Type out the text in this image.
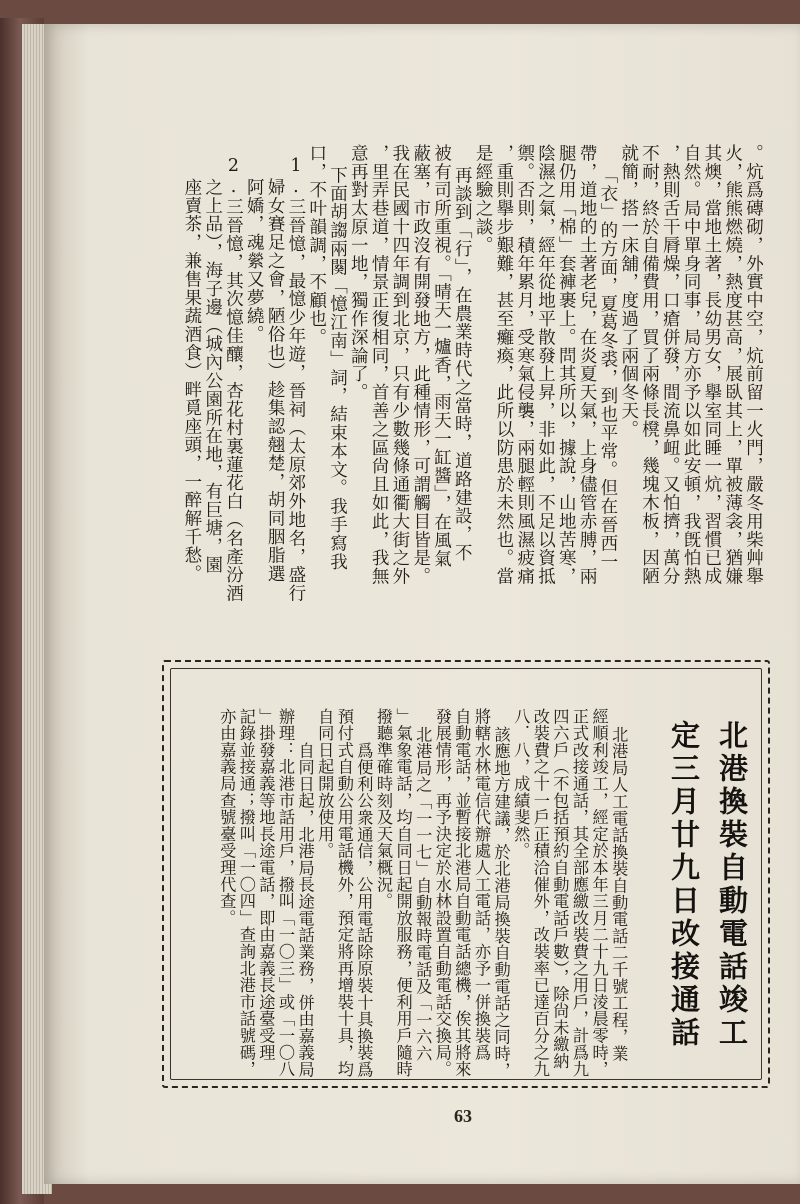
。炕爲磚砌，外實中空，炕前留一火門，嚴冬用柴艸舉
火，熊熊燃燒，熱度甚高，展臥其上，單被薄衾，猶嫌
其燠，當地土著，長幼男女，擧室同睡一炕，習慣已成
自然。局中單身同事，局方亦予以如此安頓，我旣怕熱
，熱則舌干脣燥，口瘡併發，間流鼻衄。又怕擠，萬分
不耐，終於自備費用，買了兩條長櫈，幾塊木板，因陋
就簡，搭一床舖，度過了兩個冬天。
「衣」的方面，夏葛冬裘，到也平常。但在晉西一
帶，道地的土著老兒，在炎夏天氣，上身儘管赤膊，兩
腿仍用「棉」套褲裹上。問其所以，據說，山地苦寒，
陰濕之氣，經年從地平散發上昇，非如此，不足以資抵
禦。否則，積年累月，受寒氣侵襲，兩腿輕則風濕疲痛
，重則擧步艱難，甚至癱瘓，此所以防患於未然也。當
是經驗之談。
再談到「行」，在農業時代之當時，道路建設，不
被有司所重視。「晴天一爐香，雨天一缸醬」，在風氣
蔽塞，市政沒有開發地方，此種情形，可謂觸目皆是。
我在民國十四年調到北京，只有少數幾條通衢大街之外
，里弄巷道，情景正復相同，首善之區尙且如此，我無
意再對太原一地，獨作深論了。
下面胡謅兩闋「憶江南」詞，結束本文。我手寫我
口，不叶韻調，不顧也。
1.三晉憶，最憶少年遊，晉祠（太原郊外地名，盛行
婦女賽足之會，陋俗也）趁集認翹楚，胡同胭脂選
阿嬌，魂縈又夢繞。
2.三晉憶，其次憶佳釀，杏花村裏蓮花白（名產汾酒
之上品），海子邊（城內公園所在地，有巨塘，園
座賣茶，兼售果蔬酒食）畔覓座頭，一醉解千愁。
北港換裝自動電話竣工
定三月廿九日改接通話
北港局人工電話換裝自動電話二千號工程，業
經順利竣工，經定於本年三月二十九日淩晨零時，
正式改接通話，其全部應繳改裝費之用戶，計爲九
四六戶（不包括預約自動電話戶數），除尙未繳納
改裝費之十一戶正積洽催外，改裝率已達百分之九
八．八，成績斐然。
該應地方建議，於北港局換裝自動電話之同時，
將轄水林電信代辦處人工電話，亦予一併換裝爲
自動電話，並暫接北港局自動電話總機，俟其將來
發展情形，再予決定於水林設置自動電話交換局。
北港局之「一一七」自動報時電話及「一六六
」氣象電話，均自同日起開放服務，便利用戶隨時
撥聽準確時刻及天氣概況。
爲便利公衆通信，公用電話除原裝十具換裝爲
預付式自動公用電話機外，預定將再增裝十具，均
自同日起開放使用。
自同日起，北港局長途電話業務，併由嘉義局
辦理：北港市話用戶，撥叫「一〇三」或「一〇八
」掛發嘉義等地長途電話，即由嘉義長途臺受理
記錄並接通；撥叫「一〇四」查詢北港市話號碼，
亦由嘉義局查號臺受理代查。
63
